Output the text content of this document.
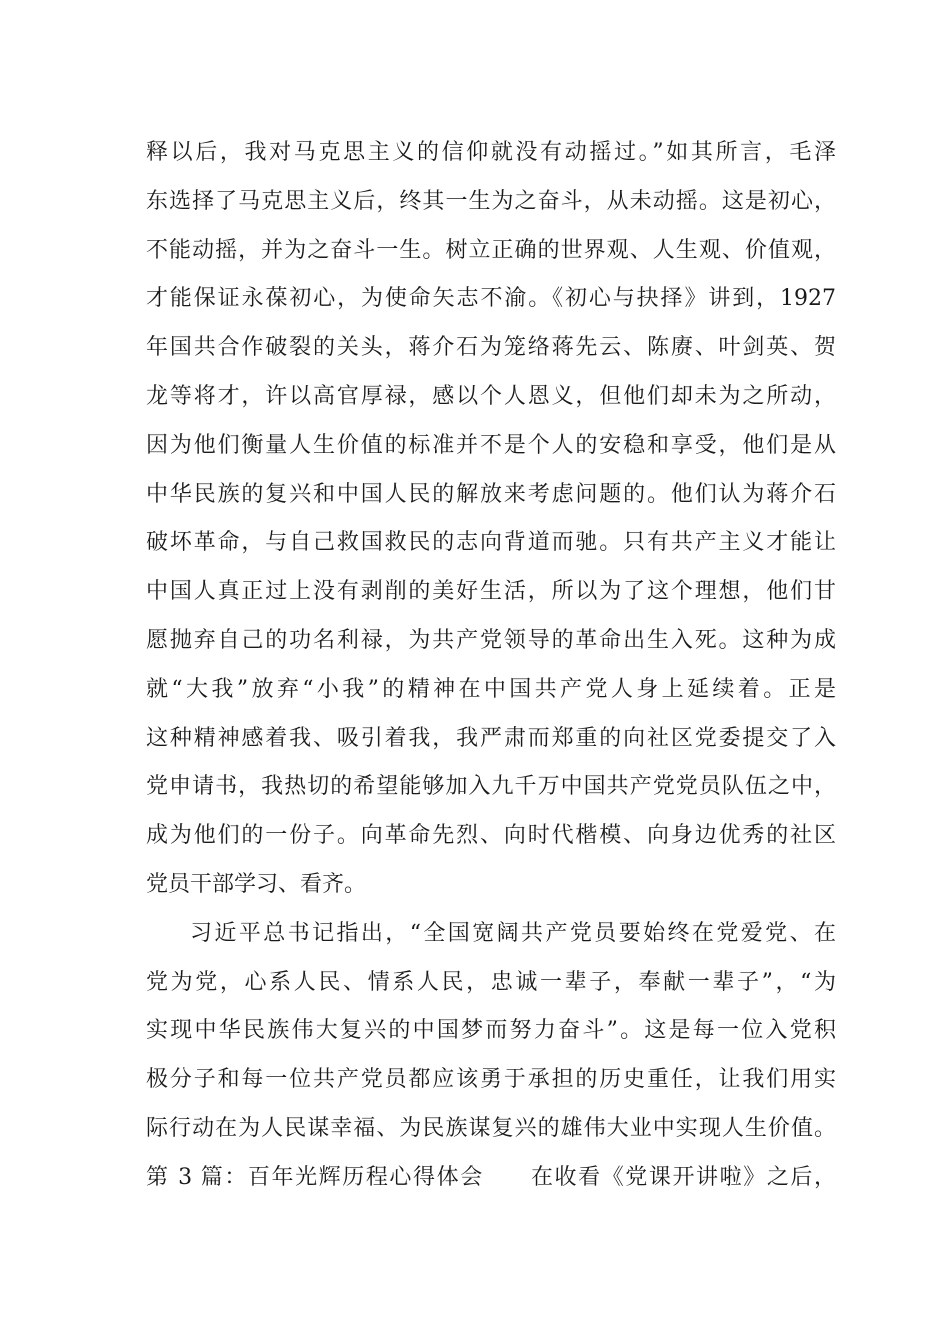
释以后，我对马克思主义的信仰就没有动摇过。”如其所言，毛泽
东选择了马克思主义后，终其一生为之奋斗，从未动摇。这是初心，
不能动摇，并为之奋斗一生。树立正确的世界观、人生观、价值观，
才能保证永葆初心，为使命矢志不渝。《初心与抉择》讲到，1927
年国共合作破裂的关头，蒋介石为笼络蒋先云、陈赓、叶剑英、贺
龙等将才，许以高官厚禄，感以个人恩义，但他们却未为之所动，
因为他们衡量人生价值的标准并不是个人的安稳和享受，他们是从
中华民族的复兴和中国人民的解放来考虑问题的。他们认为蒋介石
破坏革命，与自己救国救民的志向背道而驰。只有共产主义才能让
中国人真正过上没有剥削的美好生活，所以为了这个理想，他们甘
愿抛弃自己的功名利禄，为共产党领导的革命出生入死。这种为成
就“大我”放弃“小我”的精神在中国共产党人身上延续着。正是
这种精神感着我、吸引着我，我严肃而郑重的向社区党委提交了入
党申请书，我热切的希望能够加入九千万中国共产党党员队伍之中，
成为他们的一份子。向革命先烈、向时代楷模、向身边优秀的社区
党员干部学习、看齐。
习近平总书记指出，“全国宽阔共产党员要始终在党爱党、在
党为党，心系人民、情系人民，忠诚一辈子，奉献一辈子”，“为
实现中华民族伟大复兴的中国梦而努力奋斗”。这是每一位入党积
极分子和每一位共产党员都应该勇于承担的历史重任，让我们用实
际行动在为人民谋幸福、为民族谋复兴的雄伟大业中实现人生价值。
第 3 篇：百年光辉历程心得体会　　在收看《党课开讲啦》之后，
